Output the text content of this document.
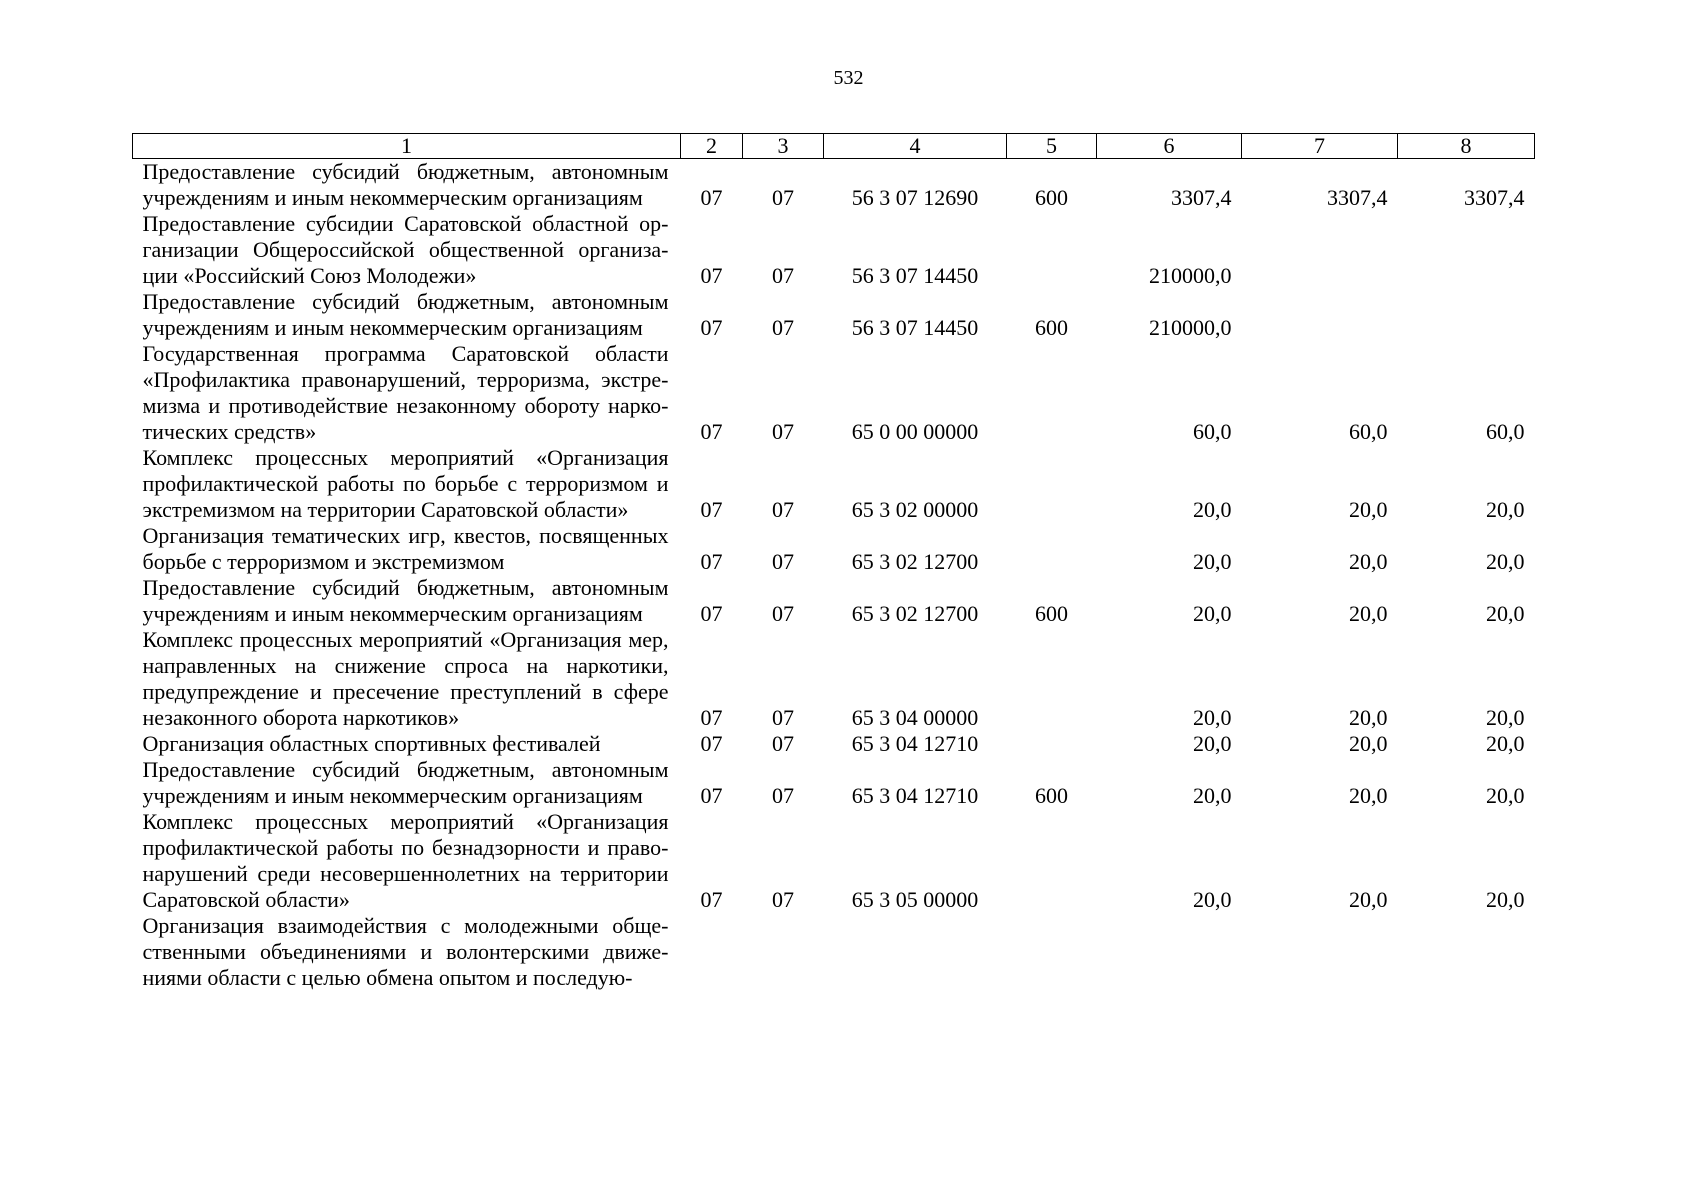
532
1	2	3	4	5	6	7	8
Предоставление субсидий бюджетным, автономным учреждениям и иным некоммерческим организациям	07	07	56 3 07 12690	600	3307,4	3307,4	3307,4
Предоставление субсидии Саратовской областной ор- ганизации Общероссийской общественной организа- ции «Российский Союз Молодежи»	07	07	56 3 07 14450		210000,0		
Предоставление субсидий бюджетным, автономным учреждениям и иным некоммерческим организациям	07	07	56 3 07 14450	600	210000,0		
Государственная программа Саратовской области «Профилактика правонарушений, терроризма, экстре- мизма и противодействие незаконному обороту нарко- тических средств»	07	07	65 0 00 00000		60,0	60,0	60,0
Комплекс процессных мероприятий «Организация профилактической работы по борьбе с терроризмом и экстремизмом на территории Саратовской области»	07	07	65 3 02 00000		20,0	20,0	20,0
Организация тематических игр, квестов, посвященных борьбе с терроризмом и экстремизмом	07	07	65 3 02 12700		20,0	20,0	20,0
Предоставление субсидий бюджетным, автономным учреждениям и иным некоммерческим организациям	07	07	65 3 02 12700	600	20,0	20,0	20,0
Комплекс процессных мероприятий «Организация мер, направленных на снижение спроса на наркотики, предупреждение и пресечение преступлений в сфере незаконного оборота наркотиков»	07	07	65 3 04 00000		20,0	20,0	20,0
Организация областных спортивных фестивалей	07	07	65 3 04 12710		20,0	20,0	20,0
Предоставление субсидий бюджетным, автономным учреждениям и иным некоммерческим организациям	07	07	65 3 04 12710	600	20,0	20,0	20,0
Комплекс процессных мероприятий «Организация профилактической работы по безнадзорности и право- нарушений среди несовершеннолетних на территории Саратовской области»	07	07	65 3 05 00000		20,0	20,0	20,0
Организация взаимодействия с молодежными обще- ственными объединениями и волонтерскими движе- ниями области с целью обмена опытом и последую-							
